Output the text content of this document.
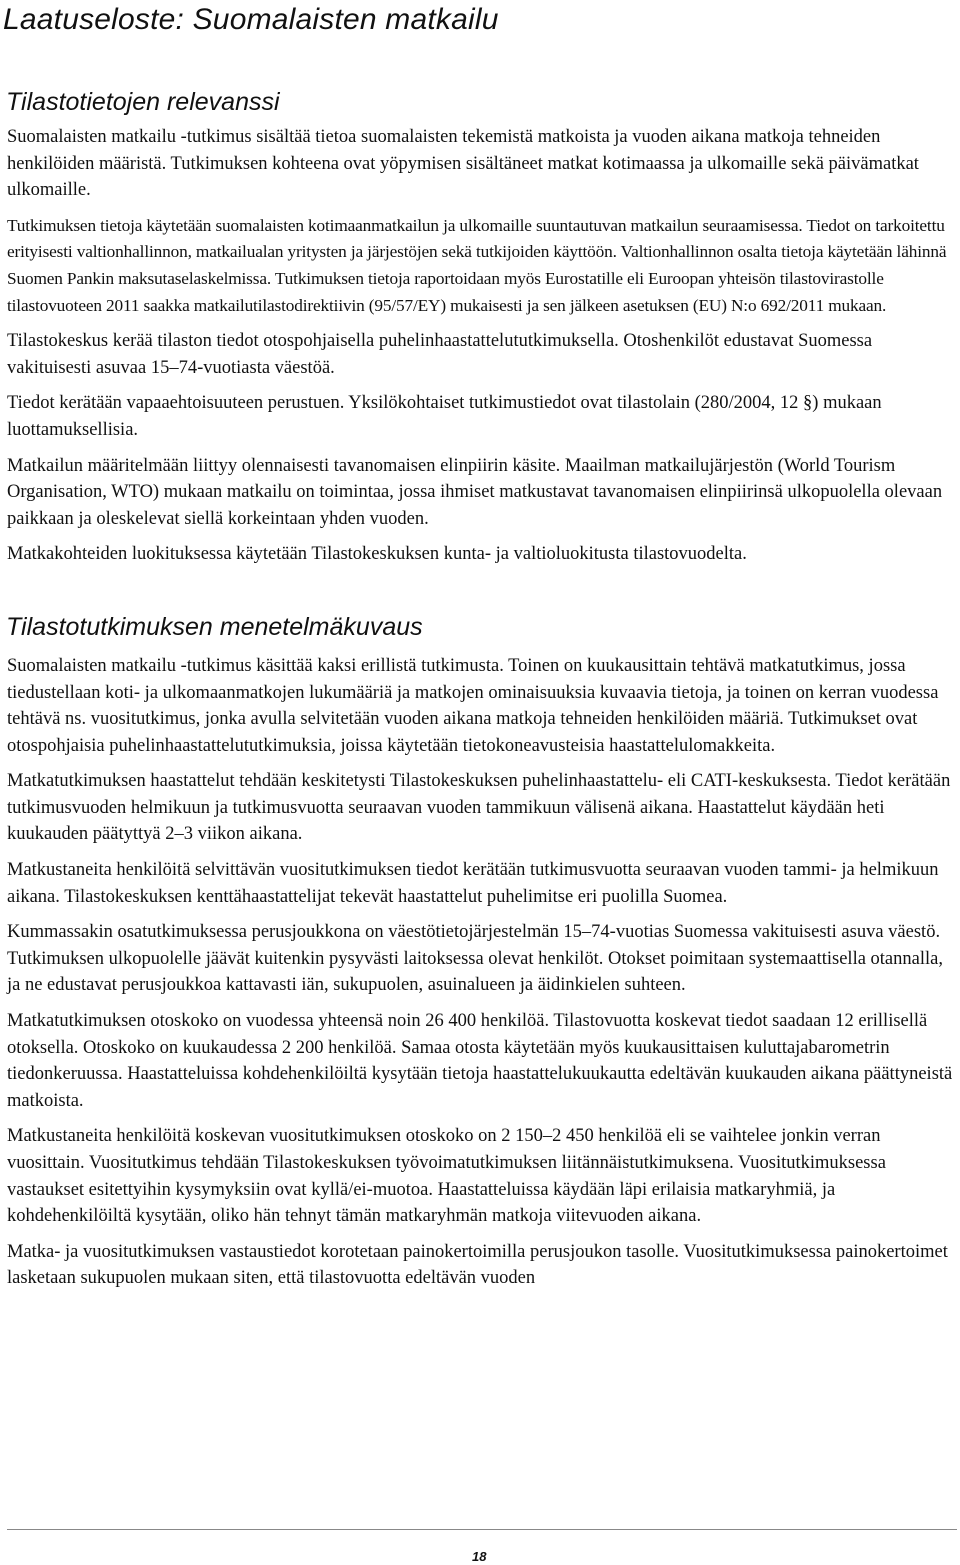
Laatuseloste: Suomalaisten matkailu
Tilastotietojen relevanssi

Suomalaisten matkailu -tutkimus sisältää tietoa suomalaisten tekemistä matkoista ja vuoden aikana matkoja tehneiden henkilöiden määristä. Tutkimuksen kohteena ovat yöpymisen sisältäneet matkat kotimaassa ja ulkomaille sekä päivämatkat ulkomaille.

Tutkimuksen tietoja käytetään suomalaisten kotimaanmatkailun ja ulkomaille suuntautuvan matkailun seuraamisessa. Tiedot on tarkoitettu erityisesti valtionhallinnon, matkailualan yritysten ja järjestöjen sekä tutkijoiden käyttöön. Valtionhallinnon osalta tietoja käytetään lähinnä Suomen Pankin maksutaselaskelmissa. Tutkimuksen tietoja raportoidaan myös Eurostatille eli Euroopan yhteisön tilastovirastolle tilastovuoteen 2011 saakka matkailutilastodirektiivin (95/57/EY) mukaisesti ja sen jälkeen asetuksen (EU) N:o 692/2011 mukaan.

Tilastokeskus kerää tilaston tiedot otospohjaisella puhelinhaastattelututkimuksella. Otoshenkilöt edustavat Suomessa vakituisesti asuvaa 15–74-vuotiasta väestöä.

Tiedot kerätään vapaaehtoisuuteen perustuen. Yksilökohtaiset tutkimustiedot ovat tilastolain (280/2004, 12 §) mukaan luottamuksellisia.

Matkailun määritelmään liittyy olennaisesti tavanomaisen elinpiirin käsite. Maailman matkailujärjestön (World Tourism Organisation, WTO) mukaan matkailu on toimintaa, jossa ihmiset matkustavat tavanomaisen elinpiirinsä ulkopuolella olevaan paikkaan ja oleskelevat siellä korkeintaan yhden vuoden.

Matkakohteiden luokituksessa käytetään Tilastokeskuksen kunta- ja valtioluokitusta tilastovuodelta.

Tilastotutkimuksen menetelmäkuvaus

Suomalaisten matkailu -tutkimus käsittää kaksi erillistä tutkimusta. Toinen on kuukausittain tehtävä matkatutkimus, jossa tiedustellaan koti- ja ulkomaanmatkojen lukumääriä ja matkojen ominaisuuksia kuvaavia tietoja, ja toinen on kerran vuodessa tehtävä ns. vuositutkimus, jonka avulla selvitetään vuoden aikana matkoja tehneiden henkilöiden määriä. Tutkimukset ovat otospohjaisia puhelinhaastattelututkimuksia, joissa käytetään tietokoneavusteisia haastattelulomakkeita.

Matkatutkimuksen haastattelut tehdään keskitetysti Tilastokeskuksen puhelinhaastattelu- eli CATI-keskuksesta. Tiedot kerätään tutkimusvuoden helmikuun ja tutkimusvuotta seuraavan vuoden tammikuun välisenä aikana. Haastattelut käydään heti kuukauden päätyttyä 2–3 viikon aikana.

Matkustaneita henkilöitä selvittävän vuositutkimuksen tiedot kerätään tutkimusvuotta seuraavan vuoden tammi- ja helmikuun aikana. Tilastokeskuksen kenttähaastattelijat tekevät haastattelut puhelimitse eri puolilla Suomea.

Kummassakin osatutkimuksessa perusjoukkona on väestötietojärjestelmän 15–74-vuotias Suomessa vakituisesti asuva väestö. Tutkimuksen ulkopuolelle jäävät kuitenkin pysyvästi laitoksessa olevat henkilöt. Otokset poimitaan systemaattisella otannalla, ja ne edustavat perusjoukkoa kattavasti iän, sukupuolen, asuinalueen ja äidinkielen suhteen.

Matkatutkimuksen otoskoko on vuodessa yhteensä noin 26 400 henkilöä. Tilastovuotta koskevat tiedot saadaan 12 erillisellä otoksella. Otoskoko on kuukaudessa 2 200 henkilöä. Samaa otosta käytetään myös kuukausittaisen kuluttajabarometrin tiedonkeruussa. Haastatteluissa kohdehenkilöiltä kysytään tietoja haastattelukuukautta edeltävän kuukauden aikana päättyneistä matkoista.

Matkustaneita henkilöitä koskevan vuositutkimuksen otoskoko on 2 150–2 450 henkilöä eli se vaihtelee jonkin verran vuosittain. Vuositutkimus tehdään Tilastokeskuksen työvoimatutkimuksen liitännäistutkimuksena. Vuositutkimuksessa vastaukset esitettyihin kysymyksiin ovat kyllä/ei-muotoa. Haastatteluissa käydään läpi erilaisia matkaryhmiä, ja kohdehenkilöiltä kysytään, oliko hän tehnyt tämän matkaryhmän matkoja viitevuoden aikana.

Matka- ja vuositutkimuksen vastaustiedot korotetaan painokertoimilla perusjoukon tasolle. Vuositutkimuksessa painokertoimet lasketaan sukupuolen mukaan siten, että tilastovuotta edeltävän vuoden

18
